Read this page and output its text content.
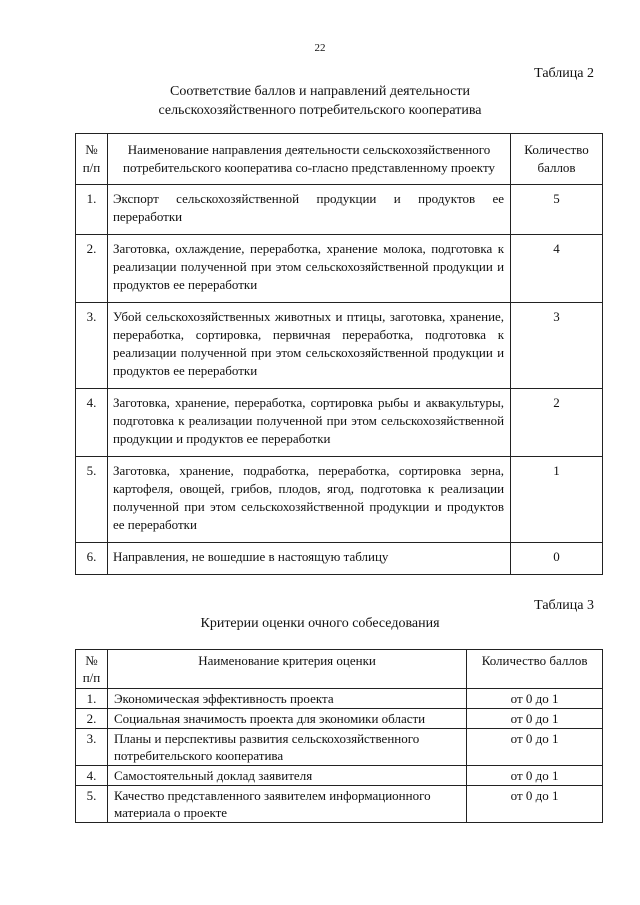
22
Таблица 2
Соответствие баллов и направлений деятельности
сельскохозяйственного потребительского кооператива
№ п/п	Наименование направления деятельности сельскохозяйственного потребительского кооператива со-гласно представленному проекту	Количество баллов
1.	Экспорт сельскохозяйственной продукции и продуктов ее переработки	5
2.	Заготовка, охлаждение, переработка, хранение молока, подготовка к реализации полученной при этом сельскохозяйственной продукции и продуктов ее переработки	4
3.	Убой сельскохозяйственных животных и птицы, заготовка, хранение, переработка, сортировка, первичная переработка, подготовка к реализации полученной при этом сельскохозяйственной продукции и продуктов ее переработки	3
4.	Заготовка, хранение, переработка, сортировка рыбы и аквакультуры, подготовка к реализации полученной при этом сельскохозяйственной продукции и продуктов ее переработки	2
5.	Заготовка, хранение, подработка, переработка, сортировка зерна, картофеля, овощей, грибов, плодов, ягод, подготовка к реализации полученной при этом сельскохозяйственной продукции и продуктов ее переработки	1
6.	Направления, не вошедшие в настоящую таблицу	0
Таблица 3
Критерии оценки очного собеседования
№ п/п	Наименование критерия оценки	Количество баллов
1.	Экономическая эффективность проекта	от 0 до 1
2.	Социальная значимость проекта для экономики области	от 0 до 1
3.	Планы и перспективы развития сельскохозяйственного потребительского кооператива	от 0 до 1
4.	Самостоятельный доклад заявителя	от 0 до 1
5.	Качество представленного заявителем информационного материала о проекте	от 0 до 1
